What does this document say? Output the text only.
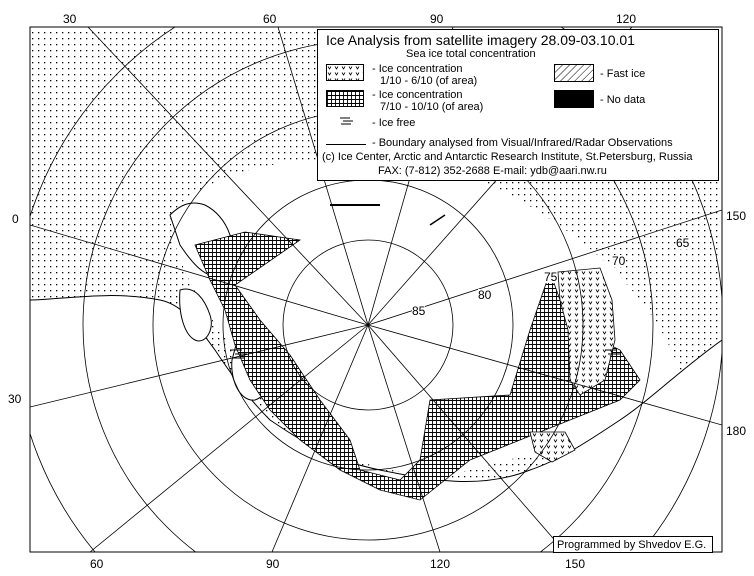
30	60	90	120
60	90	120	150
0
30
150
180
85
80
75
70
65
Ice Analysis from satellite imagery 28.09-03.10.01
Sea ice total concentration
- Ice concentration
1/10 - 6/10 (of area)
- Ice concentration
7/10 - 10/10 (of area)
- Ice free
- Fast ice
- No data
- Boundary analysed from Visual/Infrared/Radar Observations
(c) Ice Center, Arctic and Antarctic Research Institute, St.Petersburg, Russia
FAX: (7-812) 352-2688 E-mail: ydb@aari.nw.ru
Programmed by Shvedov E.G.
